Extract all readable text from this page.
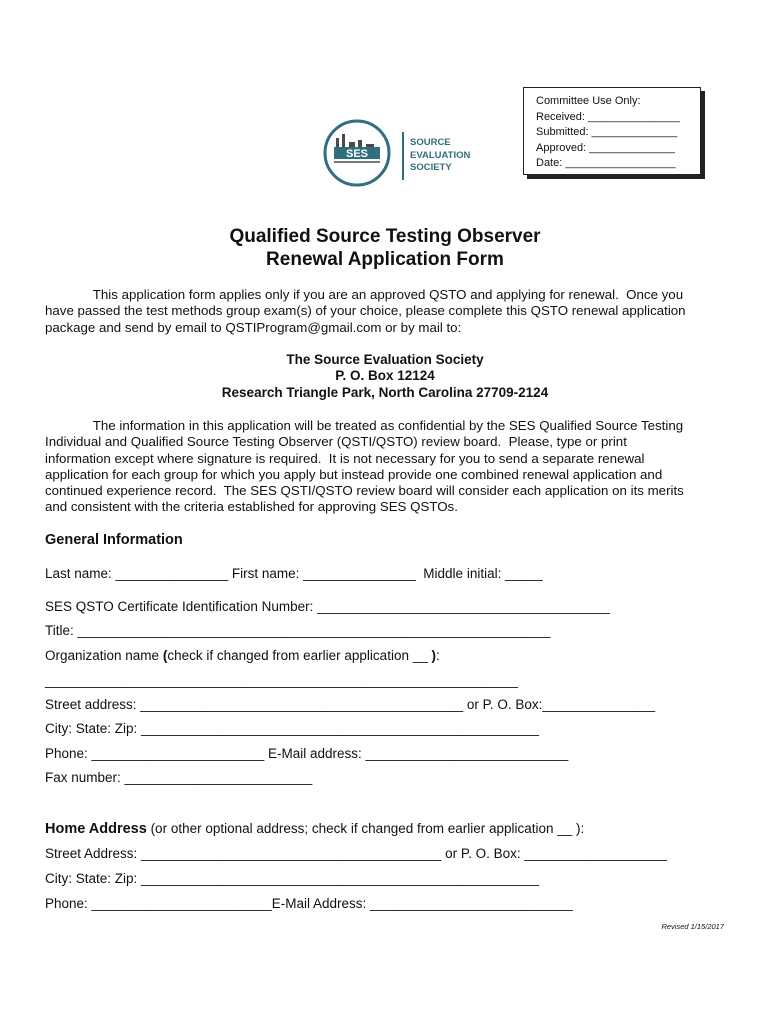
Committee Use Only:
Received: _______________
Submitted: ______________
Approved: ______________
Date: __________________
SES
SOURCE
EVALUATION
SOCIETY
Qualified Source Testing Observer
Renewal Application Form
This application form applies only if you are an approved QSTO and applying for renewal.  Once you
have passed the test methods group exam(s) of your choice, please complete this QSTO renewal application
package and send by email to QSTIProgram@gmail.com or by mail to:
The Source Evaluation Society
P. O. Box 12124
Research Triangle Park, North Carolina 27709-2124
The information in this application will be treated as confidential by the SES Qualified Source Testing
Individual and Qualified Source Testing Observer (QSTI/QSTO) review board.  Please, type or print
information except where signature is required.  It is not necessary for you to send a separate renewal
application for each group for which you apply but instead provide one combined renewal application and
continued experience record.  The SES QSTI/QSTO review board will consider each application on its merits
and consistent with the criteria established for approving SES QSTOs.
General Information
Last name: _______________ First name: _______________  Middle initial: _____
SES QSTO Certificate Identification Number: _______________________________________
Title: _______________________________________________________________
Organization name (check if changed from earlier application __ ):
_______________________________________________________________
Street address: ___________________________________________ or P. O. Box:_______________
City: State: Zip: _____________________________________________________
Phone: _______________________ E-Mail address: ___________________________
Fax number: _________________________
Home Address (or other optional address; check if changed from earlier application __ ):
Street Address: ________________________________________ or P. O. Box: ___________________
City: State: Zip: _____________________________________________________
Phone: ________________________E-Mail Address: ___________________________
Revised 1/15/2017
